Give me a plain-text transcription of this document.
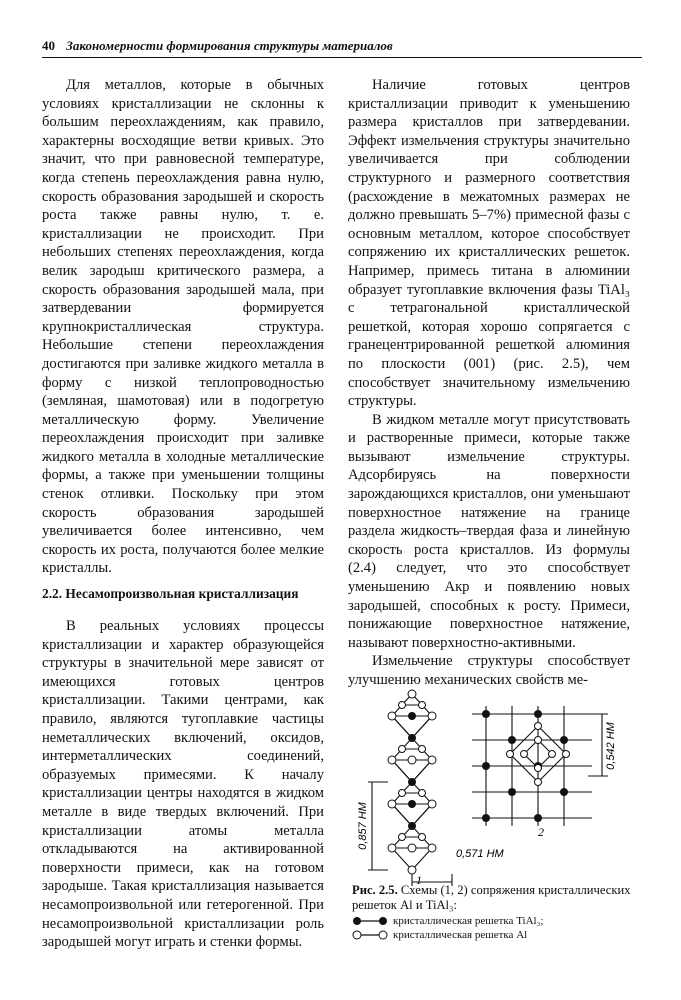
40 Закономерности формирования структуры материалов

Для металлов, которые в обычных условиях кристаллизации не склонны к большим переохлаждениям, как правило, характерны восходящие ветви кривых. Это значит, что при равновесной температуре, когда степень переохлаждения равна нулю, скорость образования зародышей и скорость роста также равны нулю, т. е. кристаллизации не происходит. При небольших степенях переохлаждения, когда велик зародыш критического размера, а скорость образования зародышей мала, при затвердевании формируется крупнокристаллическая структура. Небольшие степени переохлаждения достигаются при заливке жидкого металла в форму с низкой теплопроводностью (земляная, шамотовая) или в подогретую металлическую форму. Увеличение переохлаждения происходит при заливке жидкого металла в холодные металлические формы, а также при уменьшении толщины стенок отливки. Поскольку при этом скорость образования зародышей увеличивается более интенсивно, чем скорость их роста, получаются более мелкие кристаллы.

2.2. Несамопроизвольная кристаллизация

В реальных условиях процессы кристаллизации и характер образующейся структуры в значительной мере зависят от имеющихся готовых центров кристаллизации. Такими центрами, как правило, являются тугоплавкие частицы неметаллических включений, оксидов, интерметаллических соединений, образуемых примесями. К началу кристаллизации центры находятся в жидком металле в виде твердых включений. При кристаллизации атомы металла откладываются на активированной поверхности примеси, как на готовом зародыше. Такая кристаллизация называется несамопроизвольной или гетерогенной. При несамопроизвольной кристаллизации роль зародышей могут играть и стенки формы.

Наличие готовых центров кристаллизации приводит к уменьшению размера кристаллов при затвердевании. Эффект измельчения структуры значительно увеличивается при соблюдении структурного и размерного соответствия (расхождение в межатомных размерах не должно превышать 5–7%) примесной фазы с основным металлом, которое способствует сопряжению их кристаллических решеток. Например, примесь титана в алюминии образует тугоплавкие включения фазы TiAl₃ с тетрагональной кристаллической решеткой, которая хорошо сопрягается с гранецентрированной решеткой алюминия по плоскости (001) (рис. 2.5), чем способствует значительному измельчению структуры.

В жидком металле могут присутствовать и растворенные примеси, которые также вызывают измельчение структуры. Адсорбируясь на поверхности зарождающихся кристаллов, они уменьшают поверхностное натяжение на границе раздела жидкость–твердая фаза и линейную скорость роста кристаллов. Из формулы (2.4) следует, что это способствует уменьшению Aкр и появлению новых зародышей, способных к росту. Примеси, понижающие поверхностное натяжение, называют поверхностно-активными.

Измельчение структуры способствует улучшению механических свойств ме-

0,542 НМ
0,857 НМ
0,571 НМ
1
2
Рис. 2.5. Схемы (1, 2) сопряжения кристаллических решеток Al и TiAl₃:
кристаллическая решетка TiAl₃;
кристаллическая решетка Al
